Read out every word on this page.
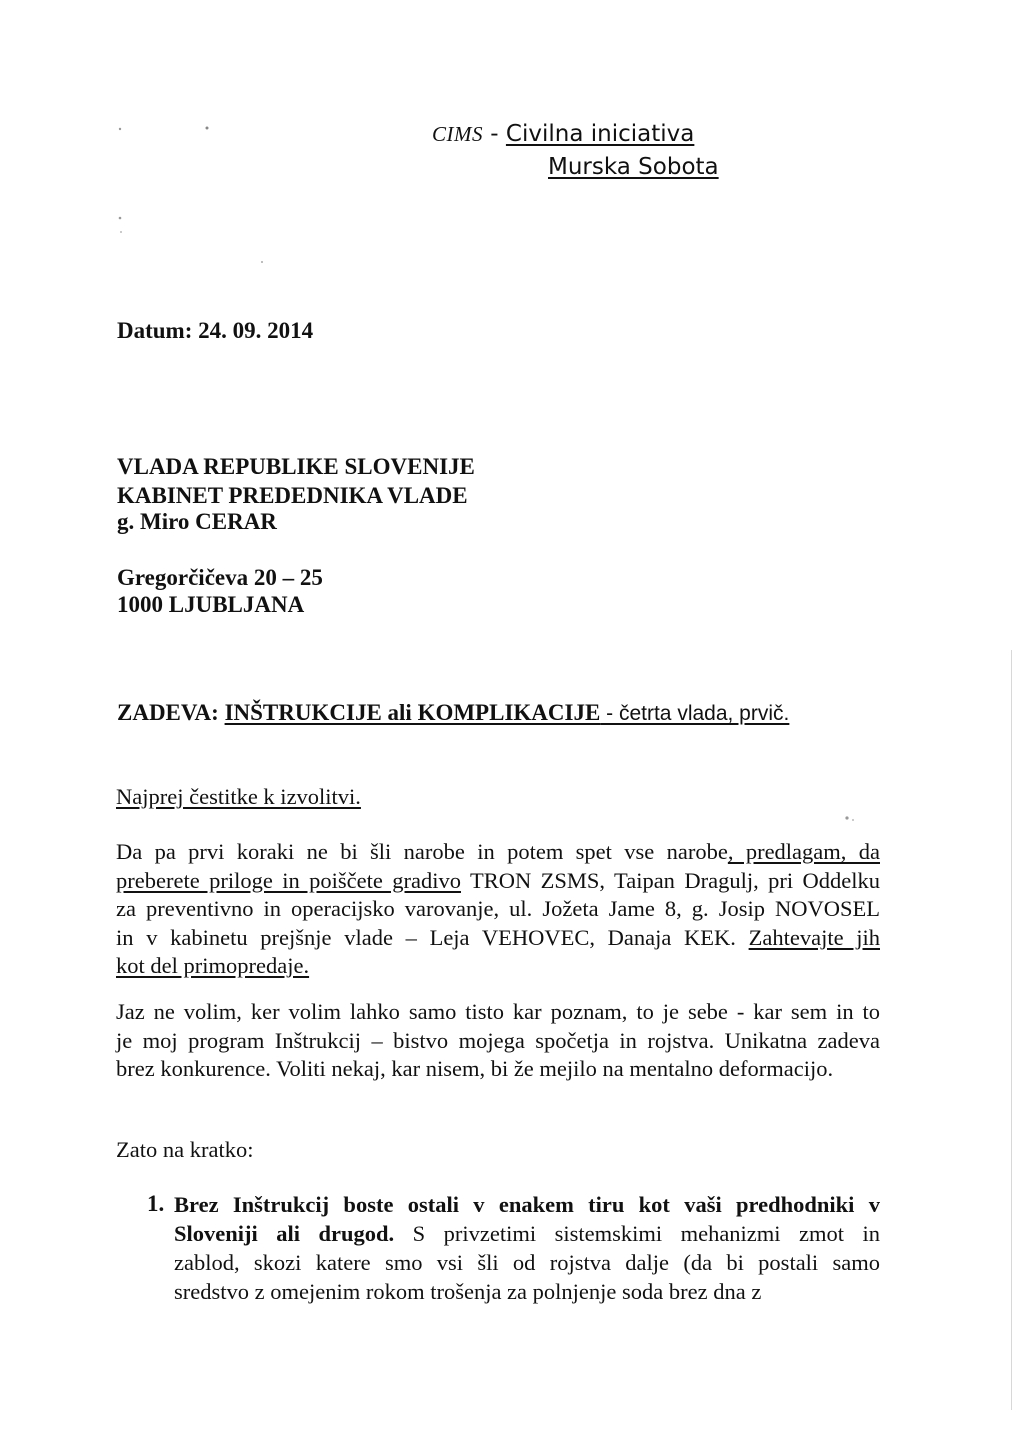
CIMS - Civilna iniciativa
Murska Sobota
Datum: 24. 09. 2014
VLADA REPUBLIKE SLOVENIJE
KABINET PREDEDNIKA VLADE
g. Miro CERAR
Gregorčičeva 20 – 25
1000 LJUBLJANA
ZADEVA: INŠTRUKCIJE ali KOMPLIKACIJE - četrta vlada, prvič.
Najprej čestitke k izvolitvi.
Da pa prvi koraki ne bi šli narobe in potem spet vse narobe, predlagam, da
preberete priloge in poiščete gradivo TRON ZSMS, Taipan Dragulj, pri Oddelku
za preventivno in operacijsko varovanje, ul. Jožeta Jame 8, g. Josip NOVOSEL
in v kabinetu prejšnje vlade – Leja VEHOVEC, Danaja KEK. Zahtevajte jih
kot del primopredaje.
Jaz ne volim, ker volim lahko samo tisto kar poznam, to je sebe - kar sem in to
je moj program Inštrukcij – bistvo mojega spočetja in rojstva. Unikatna zadeva
brez konkurence. Voliti nekaj, kar nisem, bi že mejilo na mentalno deformacijo.
Zato na kratko:
1. Brez Inštrukcij boste ostali v enakem tiru kot vaši predhodniki v
Sloveniji ali drugod. S privzetimi sistemskimi mehanizmi zmot in
zablod, skozi katere smo vsi šli od rojstva dalje (da bi postali samo
sredstvo z omejenim rokom trošenja za polnjenje soda brez dna z
